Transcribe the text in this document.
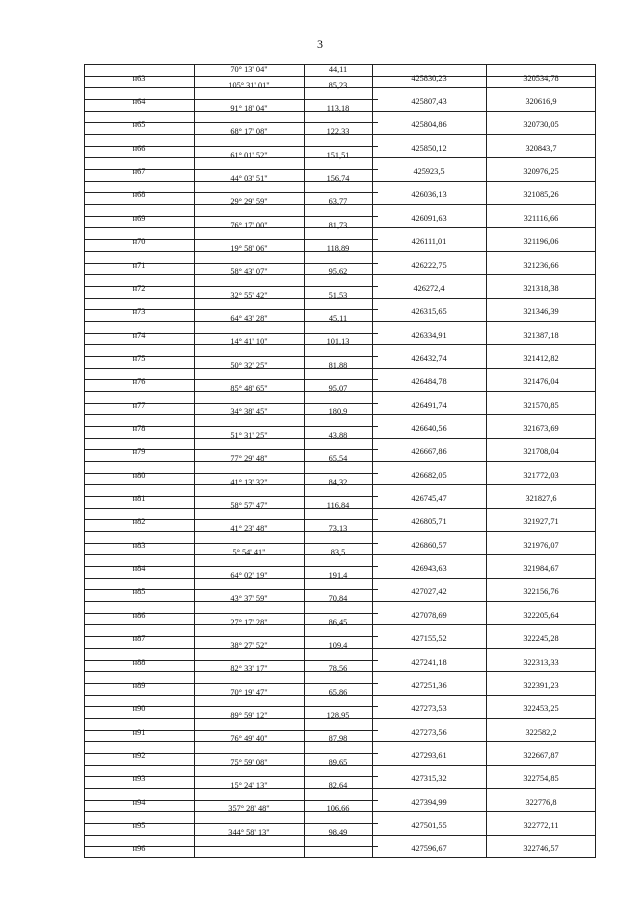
3
70° 13' 04"	44,11
н63	425830,23	320534,78
105° 31' 01"	85,23
н64	425807,43	320616,9
91° 18' 04"	113,18
н65	425804,86	320730,05
68° 17' 08"	122,33
н66	425850,12	320843,7
61° 01' 52"	151,51
н67	425923,5	320976,25
44° 03' 51"	156,74
н68	426036,13	321085,26
29° 29' 59"	63,77
н69	426091,63	321116,66
76° 17' 00"	81,73
н70	426111,01	321196,06
19° 58' 06"	118,89
н71	426222,75	321236,66
58° 43' 07"	95,62
н72	426272,4	321318,38
32° 55' 42"	51,53
н73	426315,65	321346,39
64° 43' 28"	45,11
н74	426334,91	321387,18
14° 41' 10"	101,13
н75	426432,74	321412,82
50° 32' 25"	81,88
н76	426484,78	321476,04
85° 48' 65"	95,07
н77	426491,74	321570,85
34° 38' 45"	180,9
н78	426640,56	321673,69
51° 31' 25"	43,88
н79	426667,86	321708,04
77° 29' 48"	65,54
н80	426682,05	321772,03
41° 13' 32"	84,32
н81	426745,47	321827,6
58° 57' 47"	116,84
н82	426805,71	321927,71
41° 23' 48"	73,13
н83	426860,57	321976,07
5° 54' 41"	83,5
н84	426943,63	321984,67
64° 02' 19"	191,4
н85	427027,42	322156,76
43° 37' 59"	70,84
н86	427078,69	322205,64
27° 17' 28"	86,45
н87	427155,52	322245,28
38° 27' 52"	109,4
н88	427241,18	322313,33
82° 33' 17"	78,56
н89	427251,36	322391,23
70° 19' 47"	65,86
н90	427273,53	322453,25
89° 59' 12"	128,95
н91	427273,56	322582,2
76° 49' 40"	87,98
н92	427293,61	322667,87
75° 59' 08"	89,65
н93	427315,32	322754,85
15° 24' 13"	82,64
н94	427394,99	322776,8
357° 28' 48"	106,66
н95	427501,55	322772,11
344° 58' 13"	98,49
н96	427596,67	322746,57
